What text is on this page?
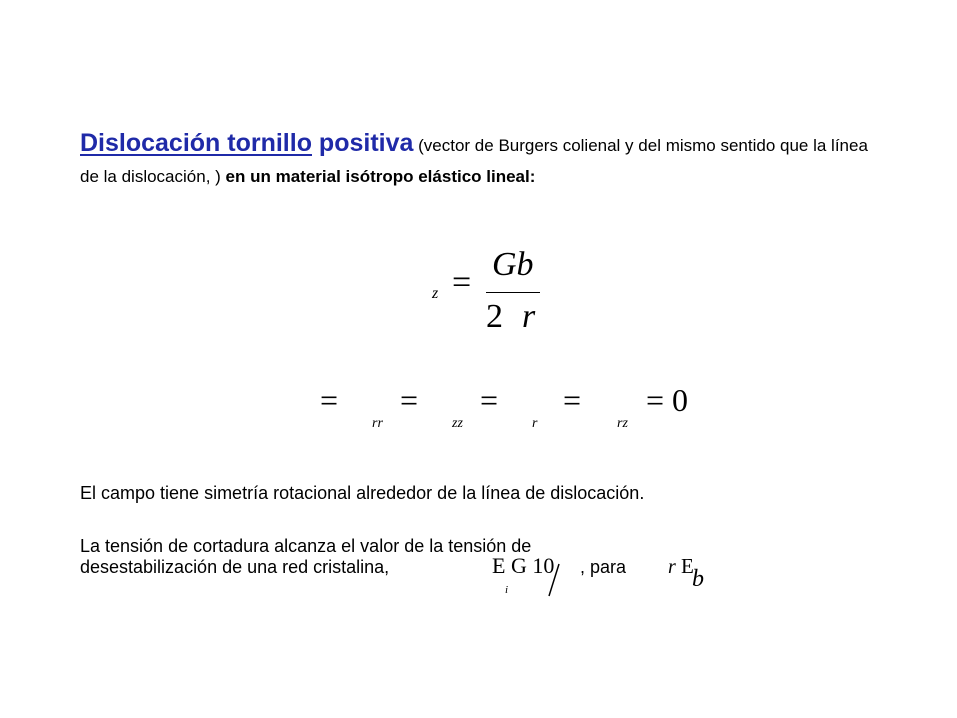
Dislocación tornillo positiva (vector de Burgers colienal y del mismo sentido que la línea de la dislocación, ) en un material isótropo elástico lineal:
z = Gb
2 r
=
rr
=
zz
=
r
=
rz
= 0
El campo tiene simetría rotacional alrededor de la línea de dislocación.
La tensión de cortadura alcanza el valor de la tensión de
desestabilización de una red cristalina,	Ε G 10
i
, para r Ε
b
